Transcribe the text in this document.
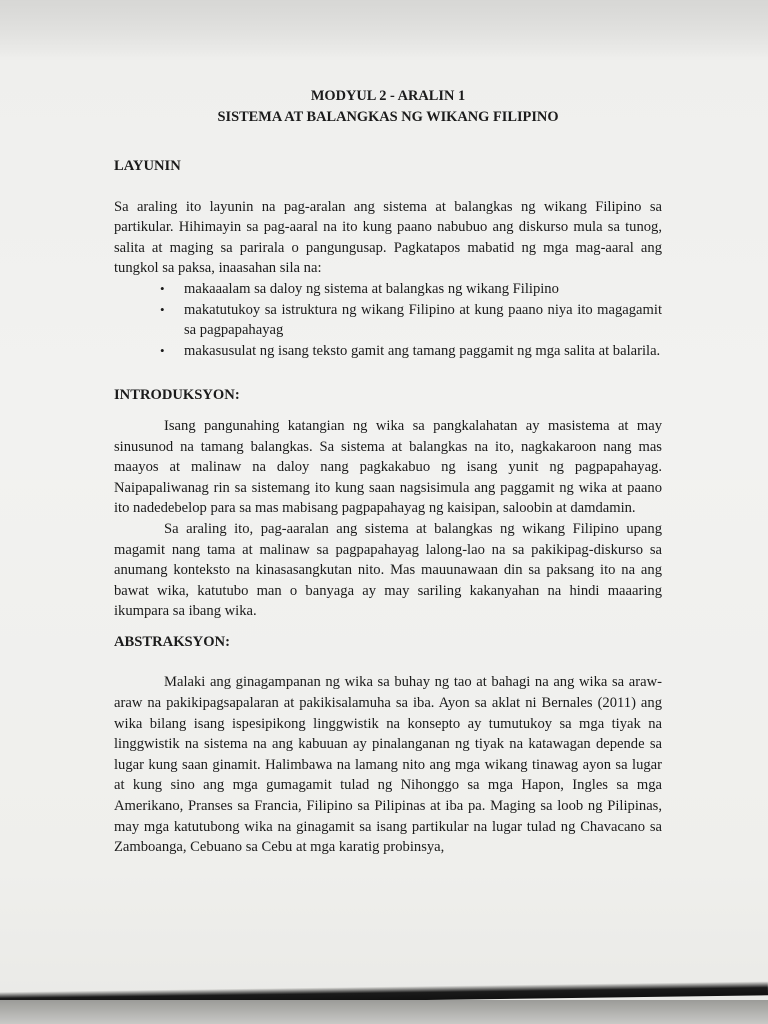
MODYUL 2 - ARALIN 1
SISTEMA AT BALANGKAS NG WIKANG FILIPINO
LAYUNIN

Sa araling ito layunin na pag-aralan ang sistema at balangkas ng wikang Filipino sa partikular. Hihimayin sa pag-aaral na ito kung paano nabubuo ang diskurso mula sa tunog, salita at maging sa parirala o pangungusap. Pagkatapos mabatid ng mga mag-aaral ang tungkol sa paksa, inaasahan sila na:

• makaaalam sa daloy ng sistema at balangkas ng wikang Filipino
• makatutukoy sa istruktura ng wikang Filipino at kung paano niya ito magagamit sa pagpapahayag
• makasusulat ng isang teksto gamit ang tamang paggamit ng mga salita at balarila.
INTRODUKSYON:

Isang pangunahing katangian ng wika sa pangkalahatan ay masistema at may sinusunod na tamang balangkas. Sa sistema at balangkas na ito, nagkakaroon nang mas maayos at malinaw na daloy nang pagkakabuo ng isang yunit ng pagpapahayag. Naipapaliwanag rin sa sistemang ito kung saan nagsisimula ang paggamit ng wika at paano ito nadedebelop para sa mas mabisang pagpapahayag ng kaisipan, saloobin at damdamin.

Sa araling ito, pag-aaralan ang sistema at balangkas ng wikang Filipino upang magamit nang tama at malinaw sa pagpapahayag lalong-lao na sa pakikipag-diskurso sa anumang konteksto na kinasasangkutan nito. Mas mauunawaan din sa paksang ito na ang bawat wika, katutubo man o banyaga ay may sariling kakanyahan na hindi maaaring ikumpara sa ibang wika.

ABSTRAKSYON:

Malaki ang ginagampanan ng wika sa buhay ng tao at bahagi na ang wika sa araw-araw na pakikipagsapalaran at pakikisalamuha sa iba. Ayon sa aklat ni Bernales (2011) ang wika bilang isang ispesipikong linggwistik na konsepto ay tumutukoy sa mga tiyak na linggwistik na sistema na ang kabuuan ay pinalanganan ng tiyak na katawagan depende sa lugar kung saan ginamit. Halimbawa na lamang nito ang mga wikang tinawag ayon sa lugar at kung sino ang mga gumagamit tulad ng Nihonggo sa mga Hapon, Ingles sa mga Amerikano, Pranses sa Francia, Filipino sa Pilipinas at iba pa. Maging sa loob ng Pilipinas, may mga katutubong wika na ginagamit sa isang partikular na lugar tulad ng Chavacano sa Zamboanga, Cebuano sa Cebu at mga karatig probinsya,
